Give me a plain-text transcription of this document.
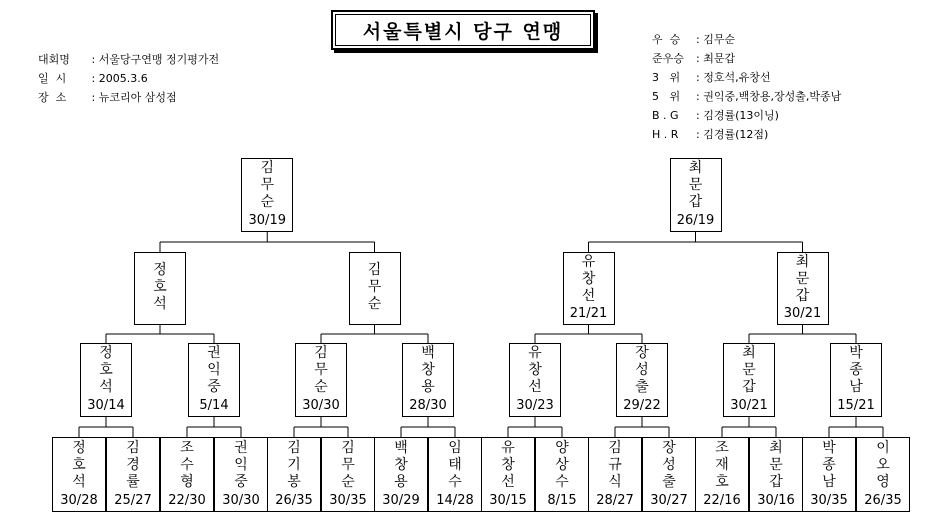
서울특별시 당구 연맹
대회명 : 서울당구연맹 정기평가전
일  시 : 2005.3.6
장  소 : 뉴코리아 삼성점
우  승 : 김무순
준우승 : 최문갑
3   위 : 정호석,유창선
5   위 : 권익중,백창용,장성출,박종남
B . G : 김경률(13이닝)
H . R : 김경률(12점)
정
호
석
30/28
김
경
률
25/27
조
수
형
22/30
권
익
중
30/30
김
기
봉
26/35
김
무
순
30/35
백
창
용
30/29
임
태
수
14/28
유
창
선
30/15
양
상
수
8/15
김
규
식
28/27
장
성
출
30/27
조
재
호
22/16
최
문
갑
30/16
박
종
남
30/35
이
오
영
26/35
정
호
석
30/14
권
익
중
5/14
김
무
순
30/30
백
창
용
28/30
유
창
선
30/23
장
성
출
29/22
최
문
갑
30/21
박
종
남
15/21
정
호
석
김
무
순
유
창
선
21/21
최
문
갑
30/21
김
무
순
30/19
최
문
갑
26/19
